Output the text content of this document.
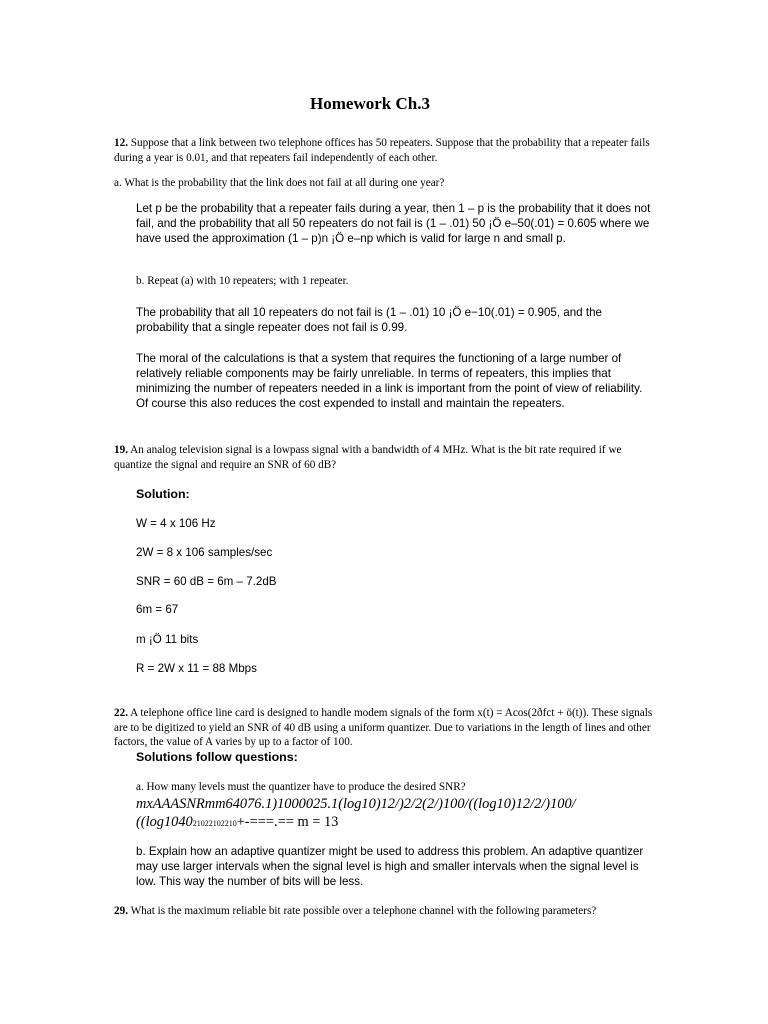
Homework Ch.3
12. Suppose that a link between two telephone offices has 50 repeaters. Suppose that the probability that a repeater fails during a year is 0.01, and that repeaters fail independently of each other.
a. What is the probability that the link does not fail at all during one year?
Let p be the probability that a repeater fails during a year, then 1 – p is the probability that it does not fail, and the probability that all 50 repeaters do not fail is (1 – .01) 50 ¡Ö e–50(.01) = 0.605 where we have used the approximation (1 – p)n ¡Ö e–np which is valid for large n and small p.
b. Repeat (a) with 10 repeaters; with 1 repeater.
The probability that all 10 repeaters do not fail is (1 – .01) 10 ¡Ö e−10(.01) = 0.905, and the probability that a single repeater does not fail is 0.99.
The moral of the calculations is that a system that requires the functioning of a large number of relatively reliable components may be fairly unreliable. In terms of repeaters, this implies that minimizing the number of repeaters needed in a link is important from the point of view of reliability. Of course this also reduces the cost expended to install and maintain the repeaters.
19. An analog television signal is a lowpass signal with a bandwidth of 4 MHz. What is the bit rate required if we quantize the signal and require an SNR of 60 dB?
Solution:
W = 4 x 106 Hz
2W = 8 x 106 samples/sec
SNR = 60 dB = 6m – 7.2dB
6m = 67
m ¡Ö 11 bits
R = 2W x 11 = 88 Mbps
22. A telephone office line card is designed to handle modem signals of the form x(t) = Acos(2ðfct + ö(t)). These signals are to be digitized to yield an SNR of 40 dB using a uniform quantizer. Due to variations in the length of lines and other factors, the value of A varies by up to a factor of 100.
Solutions follow questions:
a. How many levels must the quantizer have to produce the desired SNR?
mxAAASNRmm64076.1)1000025.1(log10)12/)2/2(2/)100/((log10)12/2/)100/
((log104021022102210+-===.== m = 13
b. Explain how an adaptive quantizer might be used to address this problem. An adaptive quantizer may use larger intervals when the signal level is high and smaller intervals when the signal level is low. This way the number of bits will be less.
29. What is the maximum reliable bit rate possible over a telephone channel with the following parameters?
